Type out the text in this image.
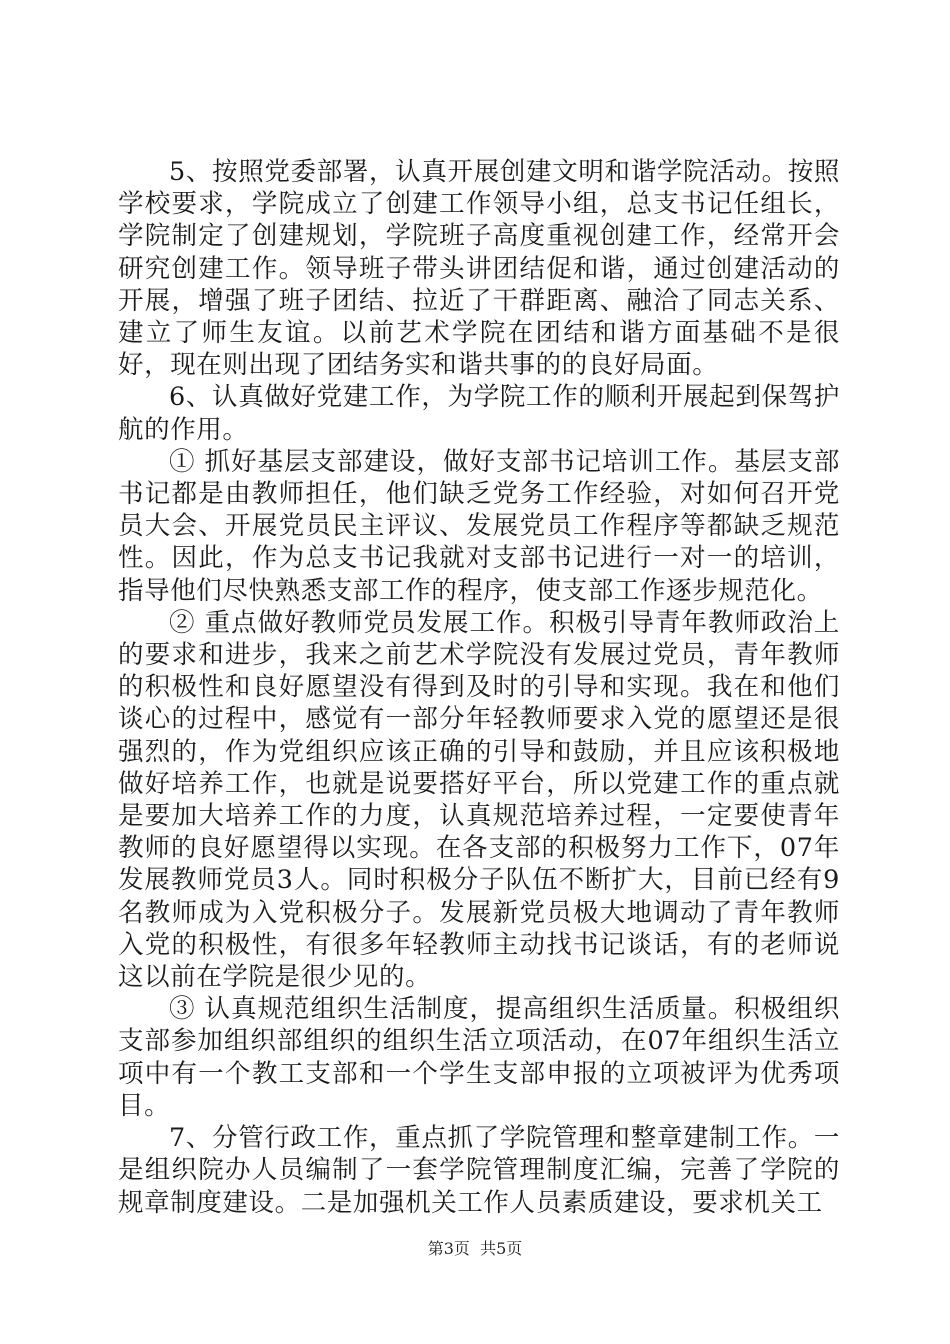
5、按照党委部署，认真开展创建文明和谐学院活动。按照学校要求，学院成立了创建工作领导小组，总支书记任组长，学院制定了创建规划，学院班子高度重视创建工作，经常开会研究创建工作。领导班子带头讲团结促和谐，通过创建活动的开展，增强了班子团结、拉近了干群距离、融洽了同志关系、建立了师生友谊。以前艺术学院在团结和谐方面基础不是很好，现在则出现了团结务实和谐共事的的良好局面。

6、认真做好党建工作，为学院工作的顺利开展起到保驾护航的作用。

① 抓好基层支部建设，做好支部书记培训工作。基层支部书记都是由教师担任，他们缺乏党务工作经验，对如何召开党员大会、开展党员民主评议、发展党员工作程序等都缺乏规范性。因此，作为总支书记我就对支部书记进行一对一的培训，指导他们尽快熟悉支部工作的程序，使支部工作逐步规范化。

② 重点做好教师党员发展工作。积极引导青年教师政治上的要求和进步，我来之前艺术学院没有发展过党员，青年教师的积极性和良好愿望没有得到及时的引导和实现。我在和他们谈心的过程中，感觉有一部分年轻教师要求入党的愿望还是很强烈的，作为党组织应该正确的引导和鼓励，并且应该积极地做好培养工作，也就是说要搭好平台，所以党建工作的重点就是要加大培养工作的力度，认真规范培养过程，一定要使青年教师的良好愿望得以实现。在各支部的积极努力工作下，07年发展教师党员3人。同时积极分子队伍不断扩大，目前已经有9名教师成为入党积极分子。发展新党员极大地调动了青年教师入党的积极性，有很多年轻教师主动找书记谈话，有的老师说这以前在学院是很少见的。

③ 认真规范组织生活制度，提高组织生活质量。积极组织支部参加组织部组织的组织生活立项活动，在07年组织生活立项中有一个教工支部和一个学生支部申报的立项被评为优秀项目。

7、分管行政工作，重点抓了学院管理和整章建制工作。一是组织院办人员编制了一套学院管理制度汇编，完善了学院的规章制度建设。二是加强机关工作人员素质建设，要求机关工

第3页 共5页
